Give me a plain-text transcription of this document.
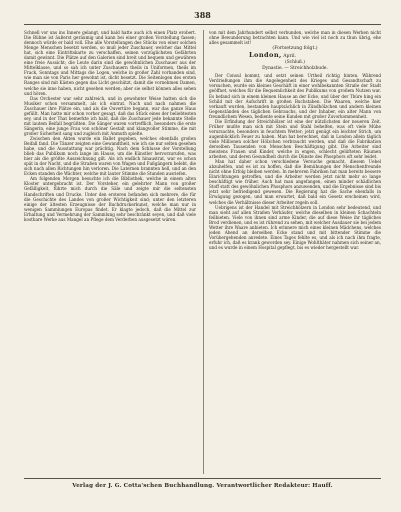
388

Schnell vor uns ins Innere gelangt, und bald hatte auch ich einen Platz erobert. Die Bühne ist äußerst geräumig und kann bei einer großen Vorstellung fassen; dennoch würde er bald voll. Ehe alle Vorstellungen des Stücks von einer solchen Menge Menschen besetzt werden, so muß jeder Zuschauer, welcher das Mittel hat, sich eine Eintrittskarte zu verschaffen, seinen vorzüglichsten Gefährten damit gewinnt. Die Plätze auf den Galerien sind breit und bequem und gewähren eine freie Aussicht; die Leute darin sind die gewöhnlichen Zuschauer aus der Mittelklasse, und so sah ich unter Zuschauern theils in Uniformen, theils im Frack, Sonntags und Mittags die Logen, welche in großer Zahl vorhanden sind, wie man sie von Paris her gewohnt ist, dicht besetzt. Die Seitenlogen des ersten Ranges sind mit Kästen gegen das Licht geschützt, damit die vornehmen Damen, welche sie inne haben, nicht gesehen werden; aber sie selbst können alles sehen und hören.

Das Orchester war sehr zahlreich, und in gewohnter Weise hatten sich die Musiker schon versammelt, als ich eintrat. Nach und nach nahmen die Zuschauer ihre Plätze ein, und als die Ouvertüre begann, war das ganze Haus gefüllt. Man hatte mir schon vorher gesagt, daß das Stück eines der beliebtesten sey, und in der That bemerkte ich bald, daß die Zuschauer jede bekannte Stelle mit lautem Beifall begrüßten. Die Sänger waren vortrefflich, besonders die erste Sängerin, eine junge Frau von schöner Gestalt und klangvoller Stimme, die mit großer Sicherheit sang und zugleich mit Anmuth spielte.

Zwischen den Akten wurde ein Ballet gegeben, welches ebenfalls großen Beifall fand. Die Tänzer zeigten eine Gewandtheit, wie ich sie nur selten gesehen habe, und die Ausstattung war prächtig. Nach dem Schlusse der Vorstellung blieb das Publikum noch lange im Hause, um die Künstler hervorzurufen, was hier als die größte Auszeichnung gilt. Als ich endlich hinaustrat, war es schon spät in der Nacht, und die Straßen waren von Wagen und Fußgängern belebt, die sich nach allen Richtungen hin verloren. Die Laternen brannten hell, und an den Ecken standen die Wächter, welche mit lauter Stimme die Stunden ausriefen.

Am folgenden Morgen besuchte ich die Bibliothek, welche in einem alten Kloster untergebracht ist. Der Vorsteher, ein gelehrter Mann von großer Gefälligkeit, führte mich durch die Säle und zeigte mir die seltensten Handschriften und Drucke. Unter den ersteren befanden sich mehrere, die für die Geschichte des Landes von großer Wichtigkeit sind; unter den letzteren einige der ältesten Erzeugnisse der Buchdruckerkunst, welche man nur in wenigen Sammlungen Europas findet. Er klagte jedoch, daß die Mittel zur Erhaltung und Vermehrung der Sammlung sehr beschränkt seyen, und daß viele kostbare Werke aus Mangel an Pflege dem Verderben ausgesetzt wären.

von mit dem Jahrhundert selbst verbunden, welche man in diesen Werken nicht ohne Bewunderung betrachten kann. Und wie viel ist noch zu thun übrig, ehe alles gesammelt ist!

(Fortsetzung folgt.)
London, April.
(Schluß.)
Dynastie. — Streichholzbude.

Der Consul kommt, und setzt seinen Urtheil richtig hinten. Während Verdrießungen ihm die Angelegenheit des Krieges und Gesandtschaft zu versuchen, wurde ein kleines Geschäft in einer wohlbekannten Straße der Stadt geöffnet, welches für die Bequemlichkeit des Publikums von großem Nutzen war. Es befand sich in einem kleinen Hause an der Ecke, und über der Thüre hing ein Schild mit der Aufschrift in großen Buchstaben. Die Waaren, welche hier verkauft wurden, bestanden hauptsächlich in Zündhölzchen und andern kleinen Gegenständen des täglichen Gebrauchs, und der Inhaber, ein alter Mann von freundlichem Wesen, bediente seine Kunden mit großer Zuvorkommenheit.

Die Erfindung der Streichhölzer ist eine der nützlichsten der neueren Zeit. Früher mußte man sich mit Stein und Stahl behelfen, was oft viele Mühe verursachte, besonders in feuchtem Wetter; jetzt genügt ein leichter Strich, um augenblicklich Feuer zu haben. Man hat berechnet, daß in London allein täglich viele Millionen solcher Hölzchen verbraucht werden, und daß die Fabrikation derselben Tausenden von Menschen Beschäftigung gibt. Die Arbeiter sind meistens Frauen und Kinder, welche in engen, schlecht gelüfteten Räumen arbeiten, und deren Gesundheit durch die Dünste des Phosphors oft sehr leidet.

Man hat daher schon verschiedene Versuche gemacht, diesem Uebel abzuhelfen, und es ist zu hoffen, daß die Bemühungen der Menschenfreunde nicht ohne Erfolg bleiben werden. In mehreren Fabriken hat man bereits bessere Einrichtungen getroffen, und die Arbeiter werden jetzt nicht mehr so lange beschäftigt wie früher. Auch hat man angefangen, einen minder schädlichen Stoff statt des gewöhnlichen Phosphors anzuwenden, und die Ergebnisse sind bis jetzt sehr befriedigend gewesen. Die Regierung hat die Sache ebenfalls in Erwägung gezogen, und man erwartet, daß bald ein Gesetz erscheinen wird, welches die Verhältnisse dieser Arbeiter regeln soll.

Uebrigens ist der Handel mit Streichhölzern in London sehr bedeutend, und man sieht auf allen Straßen Verkäufer, welche dieselben in kleinen Schachteln feilbieten. Viele von ihnen sind arme Kinder, die auf diese Weise ihr tägliches Brod verdienen, und es ist rührend zu sehen, mit welcher Ausdauer sie bei jedem Wetter ihre Waare anbieten. Ich erinnere mich eines kleinen Mädchens, welches jeden Abend an derselben Ecke stand und mit bittender Stimme die Vorübergehenden anredete. Eines Tages fehlte es, und als ich nach ihm fragte, erfuhr ich, daß es krank geworden sey. Einige Wohlthäter nahmen sich seiner an, und es wurde in einem Hospital gepflegt, bis es wieder hergestellt war.

Verlag der J. G. Cotta'schen Buchhandlung. Verantwortlicher Redakteur: Hauff.
